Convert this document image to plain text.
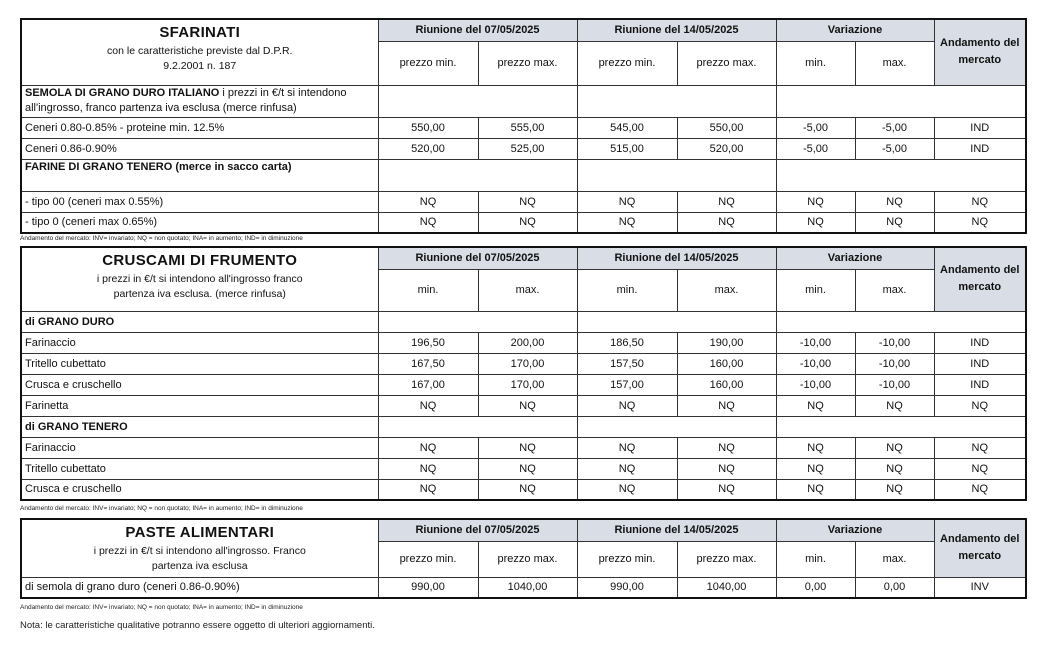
SFARINATI
con le caratteristiche previste dal D.P.R.
9.2.2001 n. 187	Riunione del 07/05/2025		Riunione del 14/05/2025		Variazione		Andamento del mercato
	prezzo min.	prezzo max.	prezzo min.	prezzo max.	min.	max.	

SEMOLA DI GRANO DURO ITALIANO i prezzi in €/t si intendono all'ingrosso, franco partenza iva esclusa (merce rinfusa)							
Ceneri 0.80-0.85% - proteine min. 12.5%	550,00	555,00	545,00	550,00	-5,00	-5,00	IND
Ceneri 0.86-0.90%	520,00	525,00	515,00	520,00	-5,00	-5,00	IND
FARINE DI GRANO TENERO (merce in sacco carta)							
- tipo 00 (ceneri max 0.55%)	NQ	NQ	NQ	NQ	NQ	NQ	NQ
- tipo 0 (ceneri max 0.65%)	NQ	NQ	NQ	NQ	NQ	NQ	NQ
Andamento del mercato: INV= invariato; NQ = non quotato; INA= in aumento; IND= in diminuzione
CRUSCAMI DI FRUMENTO
i prezzi in €/t si intendono all'ingrosso franco
partenza iva esclusa. (merce rinfusa)	Riunione del 07/05/2025		Riunione del 14/05/2025		Variazione		Andamento del mercato
	min.	max.	min.	max.	min.	max.	

di GRANO DURO							
Farinaccio	196,50	200,00	186,50	190,00	-10,00	-10,00	IND
Tritello cubettato	167,50	170,00	157,50	160,00	-10,00	-10,00	IND
Crusca e cruschello	167,00	170,00	157,00	160,00	-10,00	-10,00	IND
Farinetta	NQ	NQ	NQ	NQ	NQ	NQ	NQ
di GRANO TENERO							
Farinaccio	NQ	NQ	NQ	NQ	NQ	NQ	NQ
Tritello cubettato	NQ	NQ	NQ	NQ	NQ	NQ	NQ
Crusca e cruschello	NQ	NQ	NQ	NQ	NQ	NQ	NQ
Andamento del mercato: INV= invariato; NQ = non quotato; INA= in aumento; IND= in diminuzione
PASTE ALIMENTARI
i prezzi in €/t si intendono all'ingrosso. Franco
partenza iva esclusa	Riunione del 07/05/2025		Riunione del 14/05/2025		Variazione		Andamento del mercato
	prezzo min.	prezzo max.	prezzo min.	prezzo max.	min.	max.	

di semola di grano duro (ceneri 0.86-0.90%)	990,00	1040,00	990,00	1040,00	0,00	0,00	INV
Andamento del mercato: INV= invariato; NQ = non quotato; INA= in aumento; IND= in diminuzione
Nota: le caratteristiche qualitative potranno essere oggetto di ulteriori aggiornamenti.
